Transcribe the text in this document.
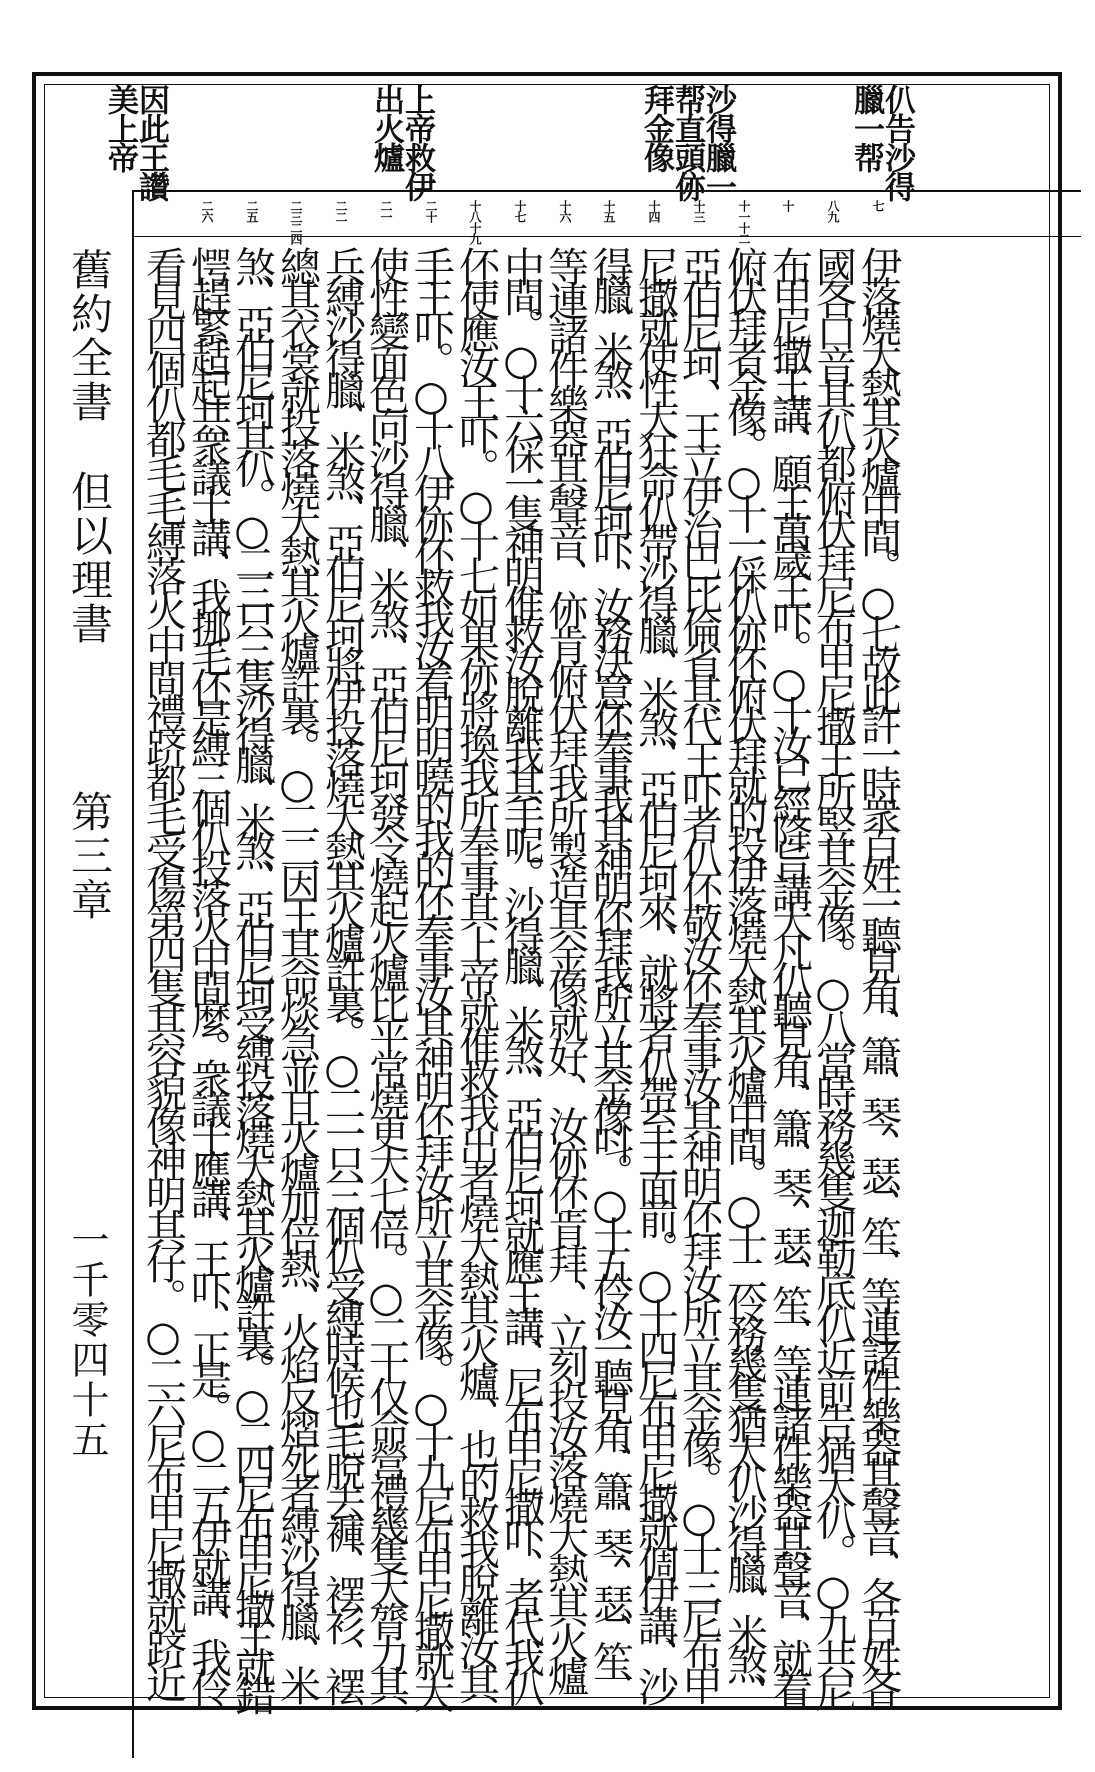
仈告沙得
臘一帮
沙得臘一
帮直頭㑊
拜金像
上帝救伊
出火爐
因此王讚
美上帝
七
八九
十
十一十二
十三
十四
十五
十六
十七
十八十九
二十
二一
二二
二三二四
二五
二六
伊落燒大熱其火爐中間。○七故此許一時衆百姓一聽見角、簫、琴、瑟、笙、等連諸件樂器其聲音、各百姓各
國各口音其仈都俯伏拜尼布甲尼撒王所竪其金像。○八當時務幾隻迦勒底仈近前告猶太仈。○九共尼
布甲尼撒王講、願王萬歲王吓。○十汝已經降旨講大凡仈聽見角、簫、琴、瑟、笙、等連諸件樂器其聲音、就着
俯伏拜者金像。○十一倸仈㑊伾俯伏拜就的投伊落燒大熱其火爐中間。○十二伶務幾隻猶太仈沙得臘、米煞、
亞伯尼珂、王立伊治巴比倫省其代王吓者仈伾敬汝伾奉事汝其神明伾拜汝所立其金像。○十三尼布甲
尼撒就使性大狂命仈帶沙得臘、米煞、亞伯尼珂來、就將者仈帶至王面前。○十四尼布甲尼撒就倜伊講、沙
得臘、米煞、亞伯尼珂吓、汝務決意伾奉事我其神明伾拜我所立其金像呌。○十五伶汝一聽見角、簫、琴、瑟、笙、
等連諸件樂器其聲音、㑊肯俯伏拜我所製造其金像就好、汝㑊伾肯拜、立刻投汝落燒大熱其火爐
中間。○十六倸一隻神明倠救汝脫離我其手呢。沙得臘、米煞、亞伯尼珂就應王講、尼布甲尼撒吓、者代我仈
伾使應汝王吓。○十七如果㑊將換我所奉事其上帝就倠救我出者燒大熱其火爐、也的救我脫離汝其
手王吓。○十八伊㑊伾救我汝着明明曉的我的伾奉事汝其神明伾拜汝所立其金像。○十九尼布甲尼撒就大
使性變面色向沙得臘、米煞、亞伯尼珂發令燒起火爐比平常燒更大七倍。○二十仅命營禮幾隻大膂力其
兵縛沙得臘、米煞、亞伯尼珂將伊投落燒大熱其火爐許裏。○二一只三個仈受縛時候也毛脫去褲、䙓衫、䙓
總其衣裳就投落燒大熱其火爐許裏。○二二因王其命㷋急並且火爐加倍熱、火焰反熠死者縛沙得臘、米
煞、亞伯尼珂其仈。○二三只三隻沙得臘、米煞、亞伯尼珂受縛投落燒大熱其火爐許裏。○二四尼布甲尼撒王就錯
愕趕緊趏起共衆議士講、我挪毛伾是縛三個仈投落火中間麼。衆議士應講、王吓、正是。○二五伊就講、我伶
看見四個仈都毛毛縛落火中間禮跻都毛受傷第四隻其容貌像神明其仔。○二六尼布甲尼撒就跻近
舊約全書
但以理書
第三章
一千零四十五
